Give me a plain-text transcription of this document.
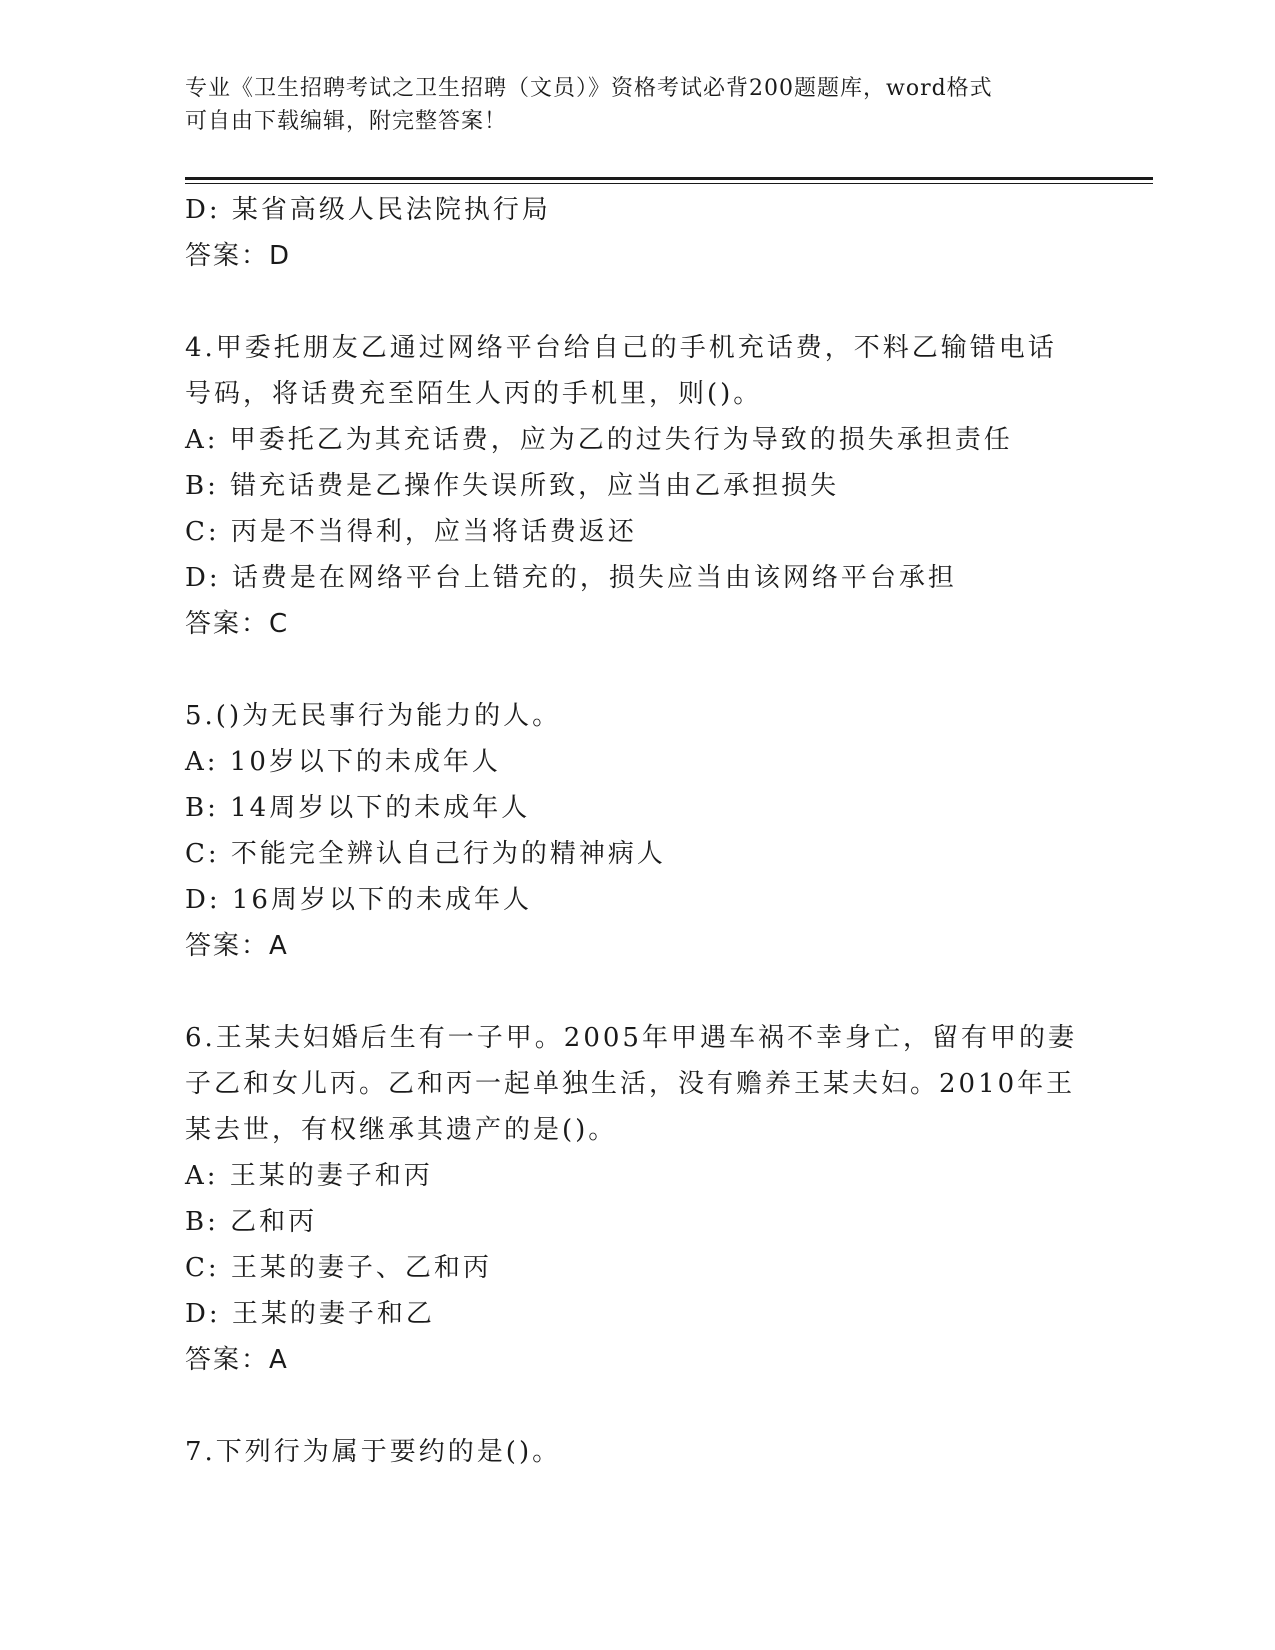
专业《卫生招聘考试之卫生招聘（文员）》资格考试必背200题题库，word格式
可自由下载编辑，附完整答案！
D: 某省高级人民法院执行局
答案：D
4.甲委托朋友乙通过网络平台给自己的手机充话费，不料乙输错电话
号码，将话费充至陌生人丙的手机里，则()。
A: 甲委托乙为其充话费，应为乙的过失行为导致的损失承担责任
B: 错充话费是乙操作失误所致，应当由乙承担损失
C: 丙是不当得利，应当将话费返还
D: 话费是在网络平台上错充的，损失应当由该网络平台承担
答案：C
5.()为无民事行为能力的人。
A: 10岁以下的未成年人
B: 14周岁以下的未成年人
C: 不能完全辨认自己行为的精神病人
D: 16周岁以下的未成年人
答案：A
6.王某夫妇婚后生有一子甲。2005年甲遇车祸不幸身亡，留有甲的妻
子乙和女儿丙。乙和丙一起单独生活，没有赡养王某夫妇。2010年王
某去世，有权继承其遗产的是()。
A: 王某的妻子和丙
B: 乙和丙
C: 王某的妻子、乙和丙
D: 王某的妻子和乙
答案：A
7.下列行为属于要约的是()。
